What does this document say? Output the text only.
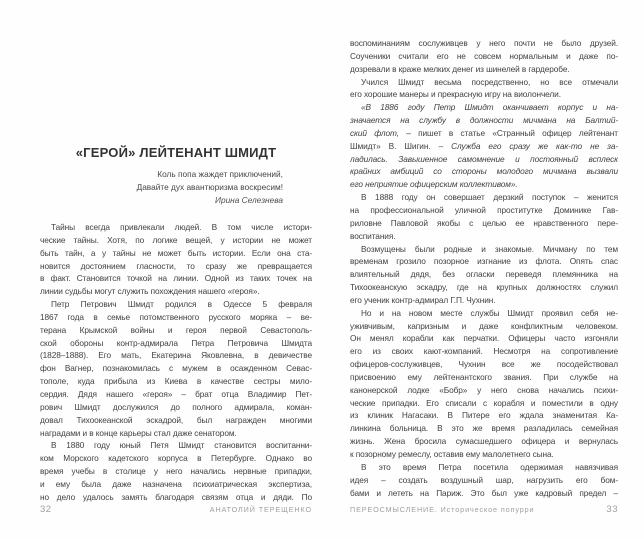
«ГЕРОЙ» ЛЕЙТЕНАНТ ШМИДТ
Коль попа жаждет приключений,
Давайте дух авантюризма воскресим!
Ирина Селезнева
Тайны всегда привлекали людей. В том числе истори-
ческие тайны. Хотя, по логике вещей, у истории не может
быть тайн, а у тайны не может быть истории. Если она ста-
новится достоянием гласности, то сразу же превращается
в факт. Становится точкой на линии. Одной из таких точек на
линии судьбы могут служить похождения нашего «героя».
Петр Петрович Шмидт родился в Одессе 5 февраля
1867 года в семье потомственного русского моряка – ве-
терана Крымской войны и героя первой Севастополь-
ской обороны контр-адмирала Петра Петровича Шмидта
(1828–1888). Его мать, Екатерина Яковлевна, в девичестве
фон Вагнер, познакомилась с мужем в осажденном Севас-
тополе, куда прибыла из Киева в качестве сестры мило-
сердия. Дядя нашего «героя» – брат отца Владимир Пет-
рович Шмидт дослужился до полного адмирала, коман-
довал Тихоокеанской эскадрой, был награжден многими
наградами и в конце карьеры стал даже сенатором.
В 1880 году юный Петя Шмидт становится воспитанни-
ком Морского кадетского корпуса в Петербурге. Однако во
время учебы в столице у него начались нервные припадки,
и ему была даже назначена психиатрическая экспертиза,
но дело удалось замять благодаря связям отца и дяди. По
32	АНАТОЛИЙ ТЕРЕЩЕНКО
воспоминаниям сослуживцев у него почти не было друзей.
Соученики считали его не совсем нормальным и даже по-
дозревали в краже мелких денег из шинелей в гардеробе.
Учился Шмидт весьма посредственно, но все отмечали
его хорошие манеры и прекрасную игру на виолончели.
«В 1886 году Петр Шмидт оканчивает корпус и на-
значается на службу в должности мичмана на Балтий-
ский флот, – пишет в статье «Странный офицер лейтенант
Шмидт» В. Шигин. – Служба его сразу же как-то не за-
ладилась. Завышенное самомнение и постоянный всплеск
крайних амбиций со стороны молодого мичмана вызвали
его неприятие офицерским коллективом».
В 1888 году он совершает дерзкий поступок – женится
на профессиональной уличной проститутке Доминике Гав-
риловне Павловой якобы с целью ее нравственного пере-
воспитания.
Возмущены были родные и знакомые. Мичману по тем
временам грозило позорное изгнание из флота. Опять спас
влиятельный дядя, без огласки переведя племянника на
Тихоокеанскую эскадру, где на крупных должностях служил
его ученик контр-адмирал Г.П. Чухнин.
Но и на новом месте службы Шмидт проявил себя не-
уживчивым, капризным и даже конфликтным человеком.
Он менял корабли как перчатки. Офицеры часто изгоняли
его из своих кают-компаний. Несмотря на сопротивление
офицеров-сослуживцев, Чухнин все же посодействовал
присвоению ему лейтенантского звания. При службе на
канонерской лодке «Бобр» у него снова начались психи-
ческие припадки. Его списали с корабля и поместили в одну
из клиник Нагасаки. В Питере его ждала знаменитая Ка-
линкина больница. В это же время разладилась семейная
жизнь. Жена бросила сумасшедшего офицера и вернулась
к позорному ремеслу, оставив ему малолетнего сына.
В это время Петра посетила одержимая навязчивая
идея – создать воздушный шар, нагрузить его бом-
бами и лететь на Париж. Это был уже кадровый предел –
ПЕРЕОСМЫСЛЕНИЕ. Историческое попурри	33
